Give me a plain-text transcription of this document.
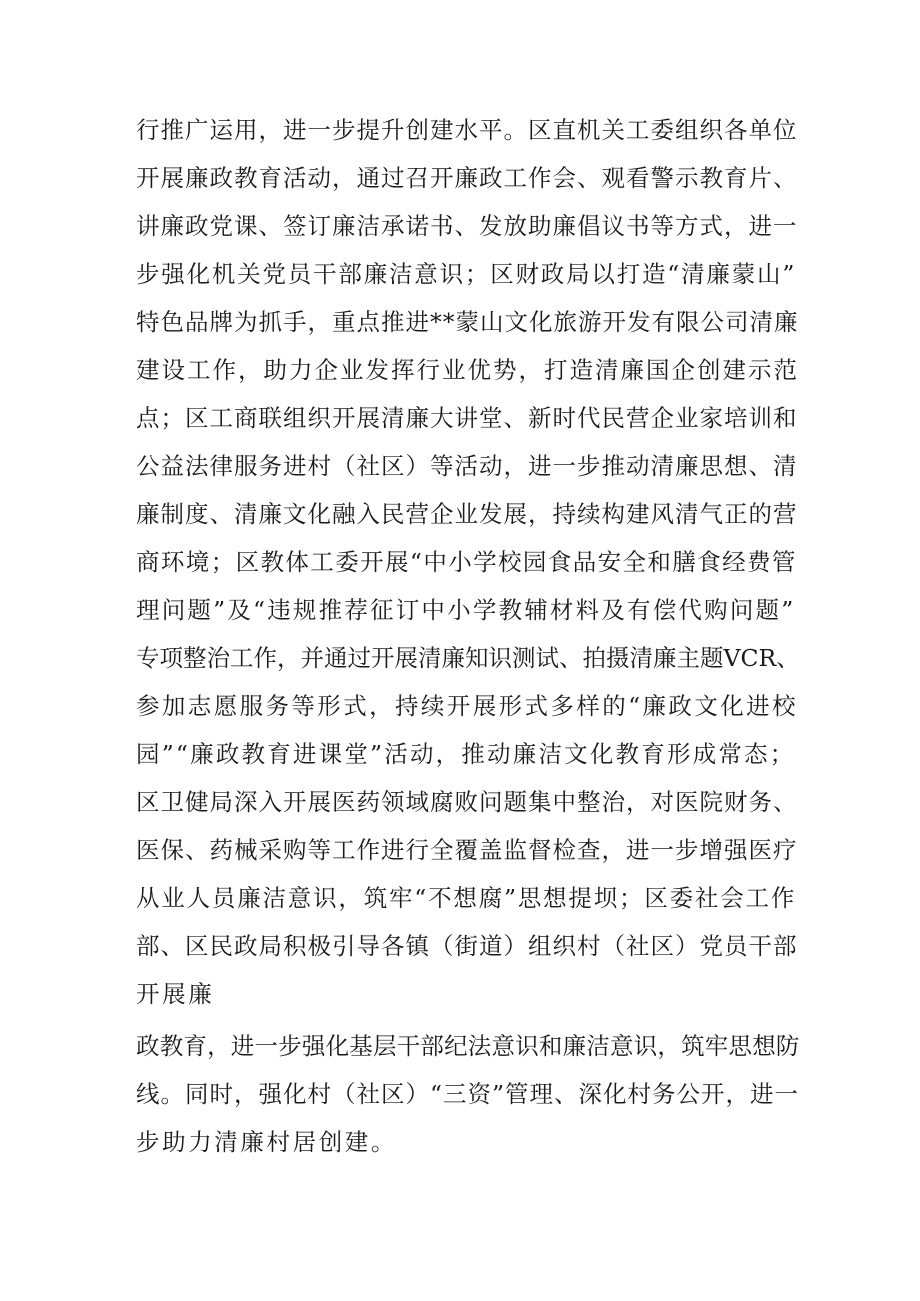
行推广运用，进一步提升创建水平。区直机关工委组织各单位

开展廉政教育活动，通过召开廉政工作会、观看警示教育片、

讲廉政党课、签订廉洁承诺书、发放助廉倡议书等方式，进一

步强化机关党员干部廉洁意识；区财政局以打造“清廉蒙山”

特色品牌为抓手，重点推进**蒙山文化旅游开发有限公司清廉

建设工作，助力企业发挥行业优势，打造清廉国企创建示范

点；区工商联组织开展清廉大讲堂、新时代民营企业家培训和

公益法律服务进村（社区）等活动，进一步推动清廉思想、清

廉制度、清廉文化融入民营企业发展，持续构建风清气正的营

商环境；区教体工委开展“中小学校园食品安全和膳食经费管

理问题”及“违规推荐征订中小学教辅材料及有偿代购问题”

专项整治工作，并通过开展清廉知识测试、拍摄清廉主题VCR、

参加志愿服务等形式，持续开展形式多样的“廉政文化进校

园”“廉政教育进课堂”活动，推动廉洁文化教育形成常态；

区卫健局深入开展医药领域腐败问题集中整治，对医院财务、

医保、药械采购等工作进行全覆盖监督检查，进一步增强医疗

从业人员廉洁意识，筑牢“不想腐”思想提坝；区委社会工作

部、区民政局积极引导各镇（街道）组织村（社区）党员干部

开展廉

政教育，进一步强化基层干部纪法意识和廉洁意识，筑牢思想防

线。同时，强化村（社区）“三资”管理、深化村务公开，进一

步助力清廉村居创建。
